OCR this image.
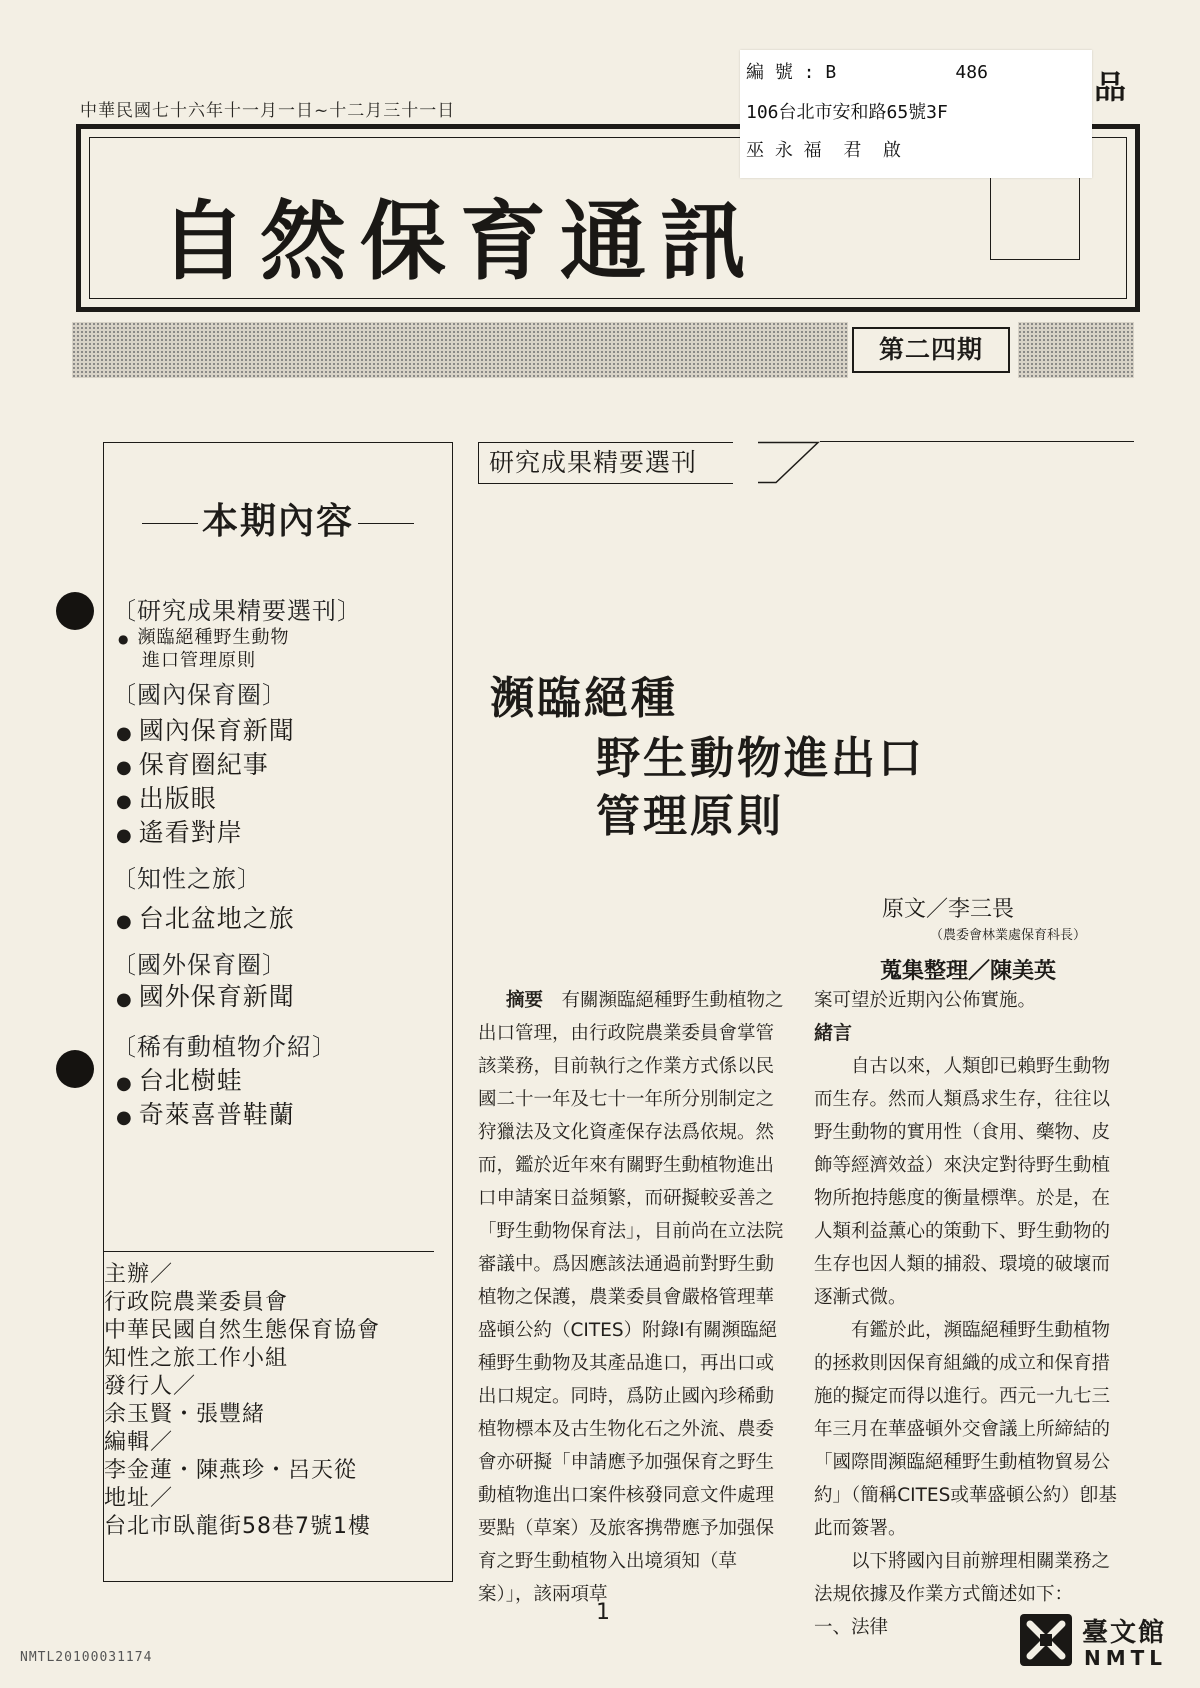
中華民國七十六年十一月一日~十二月三十一日
自然保育通訊
編 號 : B           486
106台北市安和路65號3F
巫 永 福  君  啟
品
第二四期
本期內容
〔研究成果精要選刊〕
● 瀕臨絕種野生動物
進口管理原則
〔國內保育圈〕
● 國內保育新聞
● 保育圈紀事
● 出版眼
● 遙看對岸
〔知性之旅〕
● 台北盆地之旅
〔國外保育圈〕
● 國外保育新聞
〔稀有動植物介紹〕
● 台北樹蛙
● 奇萊喜普鞋蘭
主辦／
行政院農業委員會
中華民國自然生態保育協會
知性之旅工作小組
發行人／
余玉賢・張豐緒
編輯／
李金蓮・陳燕珍・呂天從
地址／
台北市臥龍街58巷7號1樓
研究成果精要選刊
瀕臨絕種
野生動物進出口
管理原則
原文／李三畏
（農委會林業處保育科長）
蒐集整理／陳美英

摘要　 有關瀕臨絕種野生動植物之出口管理，由行政院農業委員會掌管該業務，目前執行之作業方式係以民國二十一年及七十一年所分別制定之狩獵法及文化資產保存法爲依規。然而，鑑於近年來有關野生動植物進出口申請案日益頻繁，而研擬較妥善之「野生動物保育法」，目前尚在立法院審議中。爲因應該法通過前對野生動植物之保護，農業委員會嚴格管理華盛頓公約（CITES）附錄Ⅰ有關瀕臨絕種野生動物及其產品進口，再出口或出口規定。同時，爲防止國內珍稀動植物標本及古生物化石之外流、農委會亦研擬「申請應予加强保育之野生動植物進出口案件核發同意文件處理要點（草案）及旅客携帶應予加强保育之野生動植物入出境須知（草案）」，該兩項草

案可望於近期內公佈實施。

緒言

自古以來，人類卽已賴野生動物而生存。然而人類爲求生存，往往以野生動物的實用性（食用、藥物、皮飾等經濟效益）來決定對待野生動植物所抱持態度的衡量標準。於是，在人類利益薰心的策動下、野生動物的生存也因人類的捕殺、環境的破壞而逐漸式微。

有鑑於此，瀕臨絕種野生動植物的拯救則因保育組織的成立和保育措施的擬定而得以進行。西元一九七三年三月在華盛頓外交會議上所締結的「國際間瀕臨絕種野生動植物貿易公約」（簡稱CITES或華盛頓公約）卽基此而簽署。

以下將國內目前辦理相關業務之法規依據及作業方式簡述如下：

一、法律

1
NMTL20100031174
臺文館
NMTL
